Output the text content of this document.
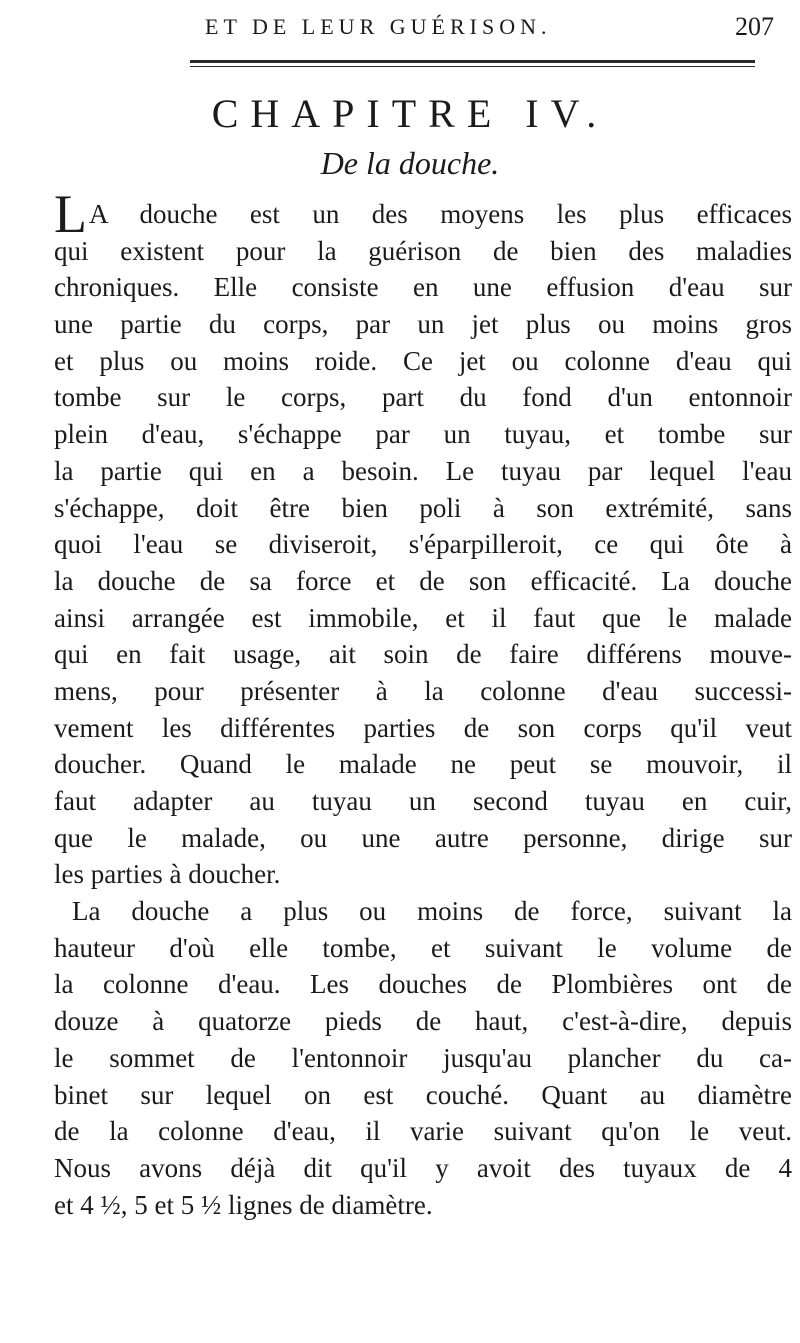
ET DE LEUR GUÉRISON.	207
CHAPITRE IV.
De la douche.
LA douche est un des moyens les plus efficaces
qui existent pour la guérison de bien des maladies
chroniques. Elle consiste en une effusion d'eau sur
une partie du corps, par un jet plus ou moins gros
et plus ou moins roide. Ce jet ou colonne d'eau qui
tombe sur le corps, part du fond d'un entonnoir
plein d'eau, s'échappe par un tuyau, et tombe sur
la partie qui en a besoin. Le tuyau par lequel l'eau
s'échappe, doit être bien poli à son extrémité, sans
quoi l'eau se diviseroit, s'éparpilleroit, ce qui ôte à
la douche de sa force et de son efficacité. La douche
ainsi arrangée est immobile, et il faut que le malade
qui en fait usage, ait soin de faire différens mouve-
mens, pour présenter à la colonne d'eau successi-
vement les différentes parties de son corps qu'il veut
doucher. Quand le malade ne peut se mouvoir, il
faut adapter au tuyau un second tuyau en cuir,
que le malade, ou une autre personne, dirige sur
les parties à doucher.
La douche a plus ou moins de force, suivant la
hauteur d'où elle tombe, et suivant le volume de
la colonne d'eau. Les douches de Plombières ont de
douze à quatorze pieds de haut, c'est-à-dire, depuis
le sommet de l'entonnoir jusqu'au plancher du ca-
binet sur lequel on est couché. Quant au diamètre
de la colonne d'eau, il varie suivant qu'on le veut.
Nous avons déjà dit qu'il y avoit des tuyaux de 4
et 4 ½, 5 et 5 ½ lignes de diamètre.
